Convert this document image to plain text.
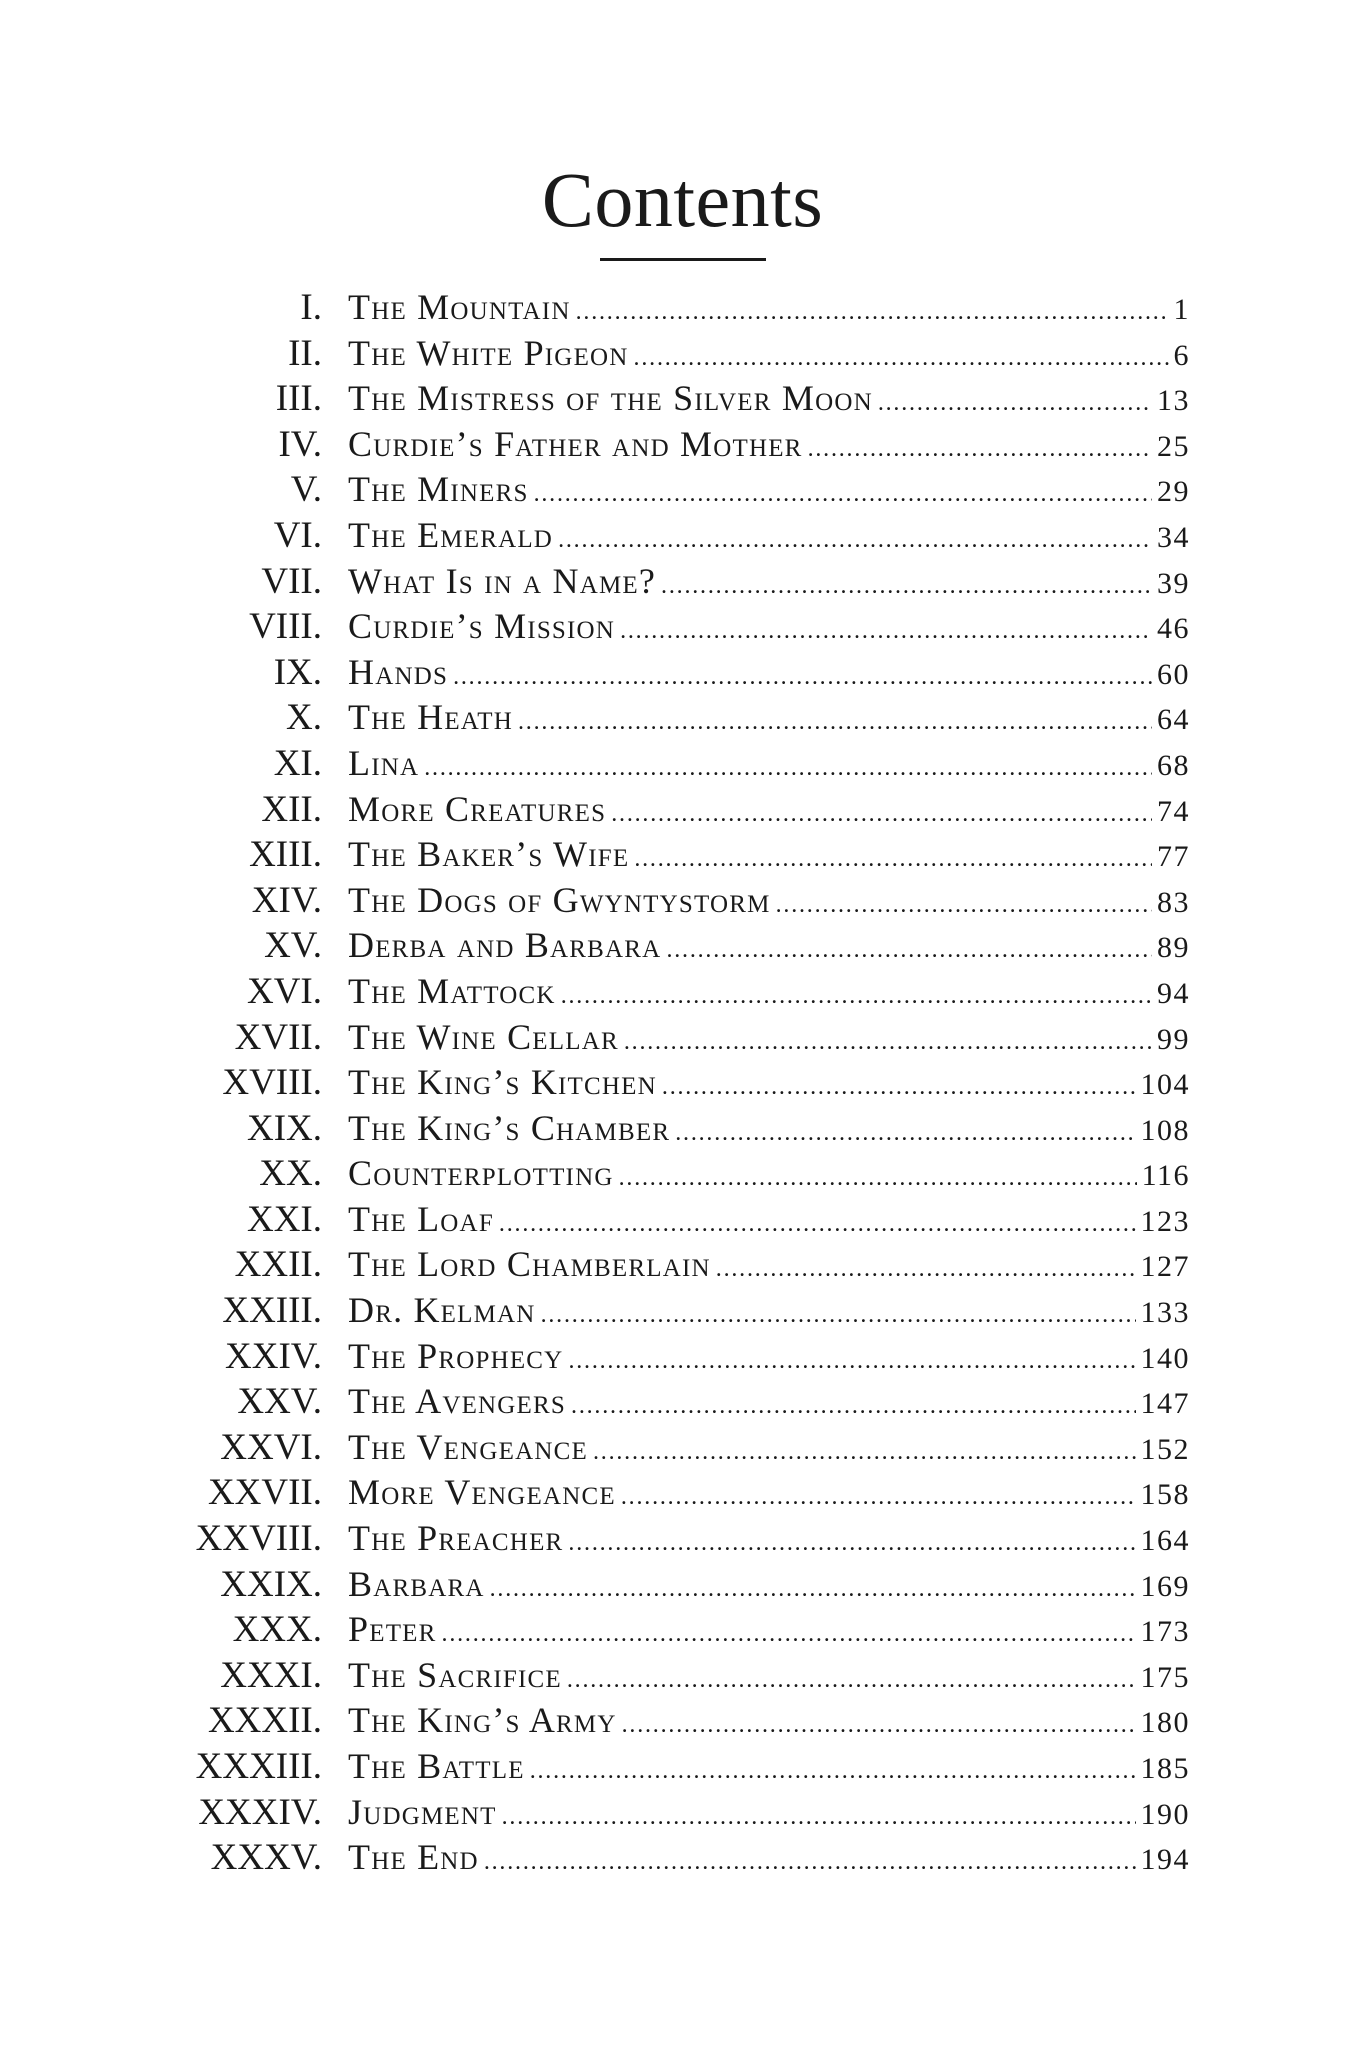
Contents
I. The Mountain .....	1
II. The White Pigeon .....	6
III. The Mistress of the Silver Moon .....	13
IV. Curdie’s Father and Mother .....	25
V. The Miners .....	29
VI. The Emerald .....	34
VII. What Is in a Name? .....	39
VIII. Curdie’s Mission .....	46
IX. Hands .....	60
X. The Heath .....	64
XI. Lina .....	68
XII. More Creatures .....	74
XIII. The Baker’s Wife .....	77
XIV. The Dogs of Gwyntystorm .....	83
XV. Derba and Barbara .....	89
XVI. The Mattock .....	94
XVII. The Wine Cellar .....	99
XVIII. The King’s Kitchen .....	104
XIX. The King’s Chamber .....	108
XX. Counterplotting .....	116
XXI. The Loaf .....	123
XXII. The Lord Chamberlain .....	127
XXIII. Dr. Kelman .....	133
XXIV. The Prophecy .....	140
XXV. The Avengers .....	147
XXVI. The Vengeance .....	152
XXVII. More Vengeance .....	158
XXVIII. The Preacher .....	164
XXIX. Barbara .....	169
XXX. Peter .....	173
XXXI. The Sacrifice .....	175
XXXII. The King’s Army .....	180
XXXIII. The Battle .....	185
XXXIV. Judgment .....	190
XXXV. The End .....	194
